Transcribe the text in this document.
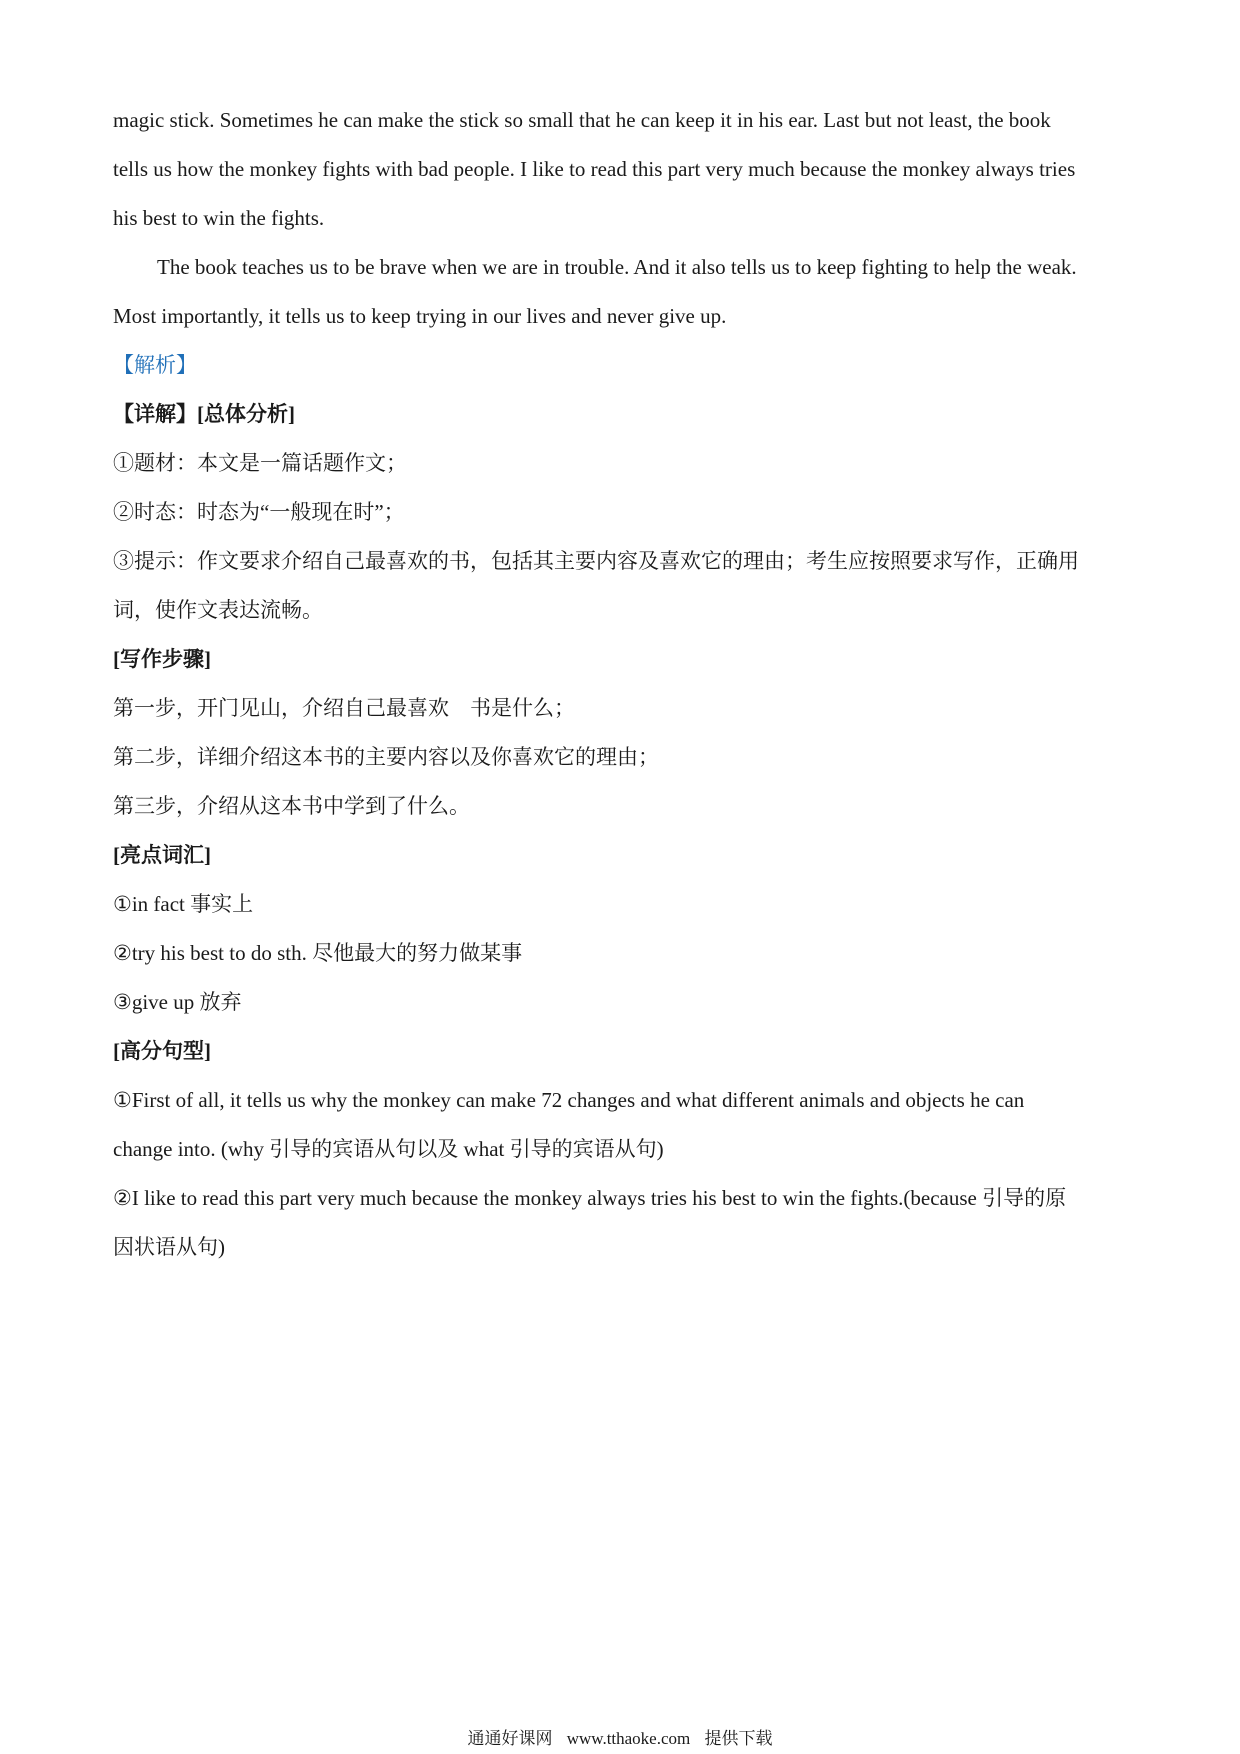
magic stick. Sometimes he can make the stick so small that he can keep it in his ear. Last but not least, the book
tells us how the monkey fights with bad people. I like to read this part very much because the monkey always tries
his best to win the fights.
The book teaches us to be brave when we are in trouble. And it also tells us to keep fighting to help the weak.
Most importantly, it tells us to keep trying in our lives and never give up.
【解析】
【详解】[总体分析]
①题材：本文是一篇话题作文；
②时态：时态为“一般现在时”；
③提示：作文要求介绍自己最喜欢的书，包括其主要内容及喜欢它的理由；考生应按照要求写作，正确用
词，使作文表达流畅。
[写作步骤]
第一步，开门见山，介绍自己最喜欢　书是什么；
第二步，详细介绍这本书的主要内容以及你喜欢它的理由；
第三步，介绍从这本书中学到了什么。
[亮点词汇]
①in fact 事实上
②try his best to do sth. 尽他最大的努力做某事
③give up 放弃
[高分句型]
①First of all, it tells us why the monkey can make 72 changes and what different animals and objects he can
change into. (why 引导的宾语从句以及 what 引导的宾语从句)
②I like to read this part very much because the monkey always tries his best to win the fights.(because 引导的原
因状语从句)
通通好课网 www.tthaoke.com 提供下载
